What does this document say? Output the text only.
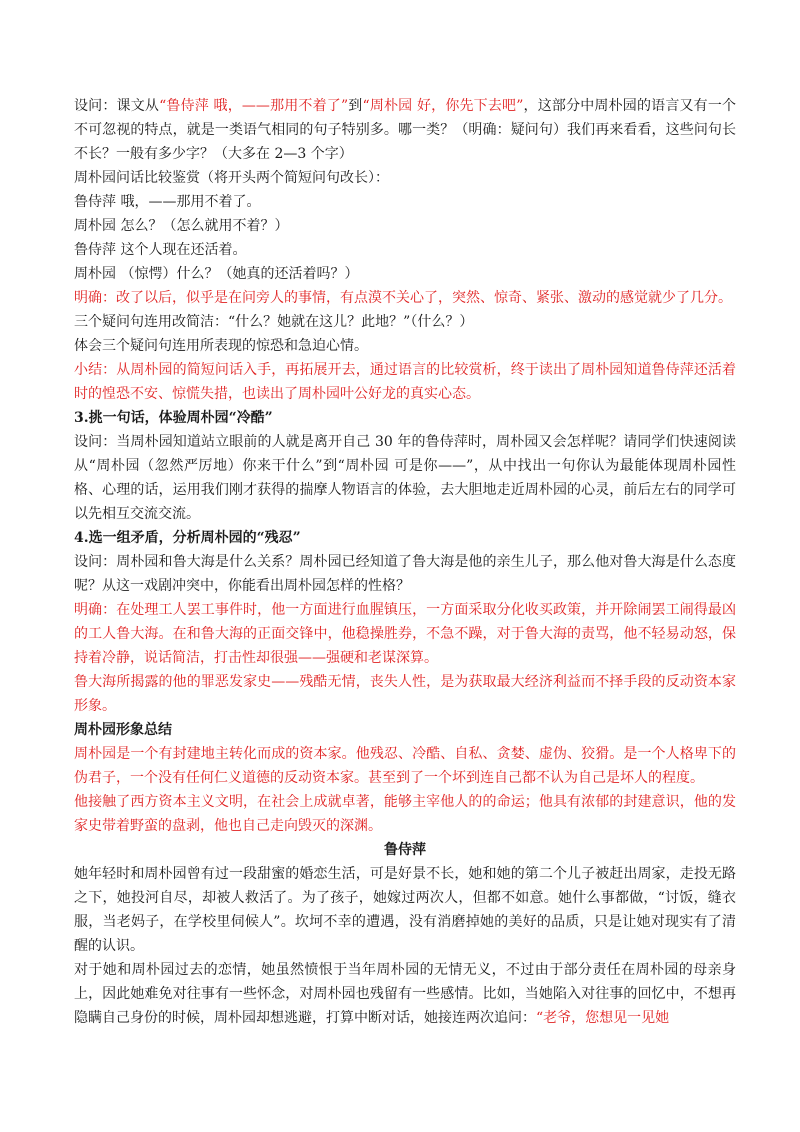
设问：课文从“鲁侍萍 哦，——那用不着了”到“周朴园 好，你先下去吧”，这部分中周朴园的语言又有一个不可忽视的特点，就是一类语气相同的句子特别多。哪一类？（明确：疑问句）我们再来看看，这些问句长不长？一般有多少字？（大多在 2—3 个字）

周朴园问话比较鉴赏（将开头两个简短问句改长）：

鲁侍萍 哦，——那用不着了。

周朴园 怎么？（怎么就用不着？）

鲁侍萍 这个人现在还活着。

周朴园 （惊愕）什么？（她真的还活着吗？）

明确：改了以后，似乎是在问旁人的事情，有点漠不关心了，突然、惊奇、紧张、激动的感觉就少了几分。

三个疑问句连用改简洁：“什么？她就在这儿？此地？”（什么？）

体会三个疑问句连用所表现的惊恐和急迫心情。

小结：从周朴园的简短问话入手，再拓展开去，通过语言的比较赏析，终于读出了周朴园知道鲁侍萍还活着时的惶恐不安、惊慌失措，也读出了周朴园叶公好龙的真实心态。

3.挑一句话，体验周朴园“冷酷”

设问：当周朴园知道站立眼前的人就是离开自己 30 年的鲁侍萍时，周朴园又会怎样呢？请同学们快速阅读从“周朴园（忽然严厉地）你来干什么”到“周朴园 可是你——”，从中找出一句你认为最能体现周朴园性格、心理的话，运用我们刚才获得的揣摩人物语言的体验，去大胆地走近周朴园的心灵，前后左右的同学可以先相互交流交流。

4.选一组矛盾，分析周朴园的“残忍”

设问：周朴园和鲁大海是什么关系？周朴园已经知道了鲁大海是他的亲生儿子，那么他对鲁大海是什么态度呢？从这一戏剧冲突中，你能看出周朴园怎样的性格？

明确：在处理工人罢工事件时，他一方面进行血腥镇压，一方面采取分化收买政策，并开除闹罢工闹得最凶的工人鲁大海。在和鲁大海的正面交锋中，他稳操胜券，不急不躁，对于鲁大海的责骂，他不轻易动怒，保持着冷静，说话简洁，打击性却很强——强硬和老谋深算。

鲁大海所揭露的他的罪恶发家史——残酷无情，丧失人性，是为获取最大经济利益而不择手段的反动资本家形象。

周朴园形象总结

周朴园是一个有封建地主转化而成的资本家。他残忍、冷酷、自私、贪婪、虚伪、狡猾。是一个人格卑下的伪君子，一个没有任何仁义道德的反动资本家。甚至到了一个坏到连自己都不认为自己是坏人的程度。

他接触了西方资本主义文明，在社会上成就卓著，能够主宰他人的的命运；他具有浓郁的封建意识，他的发家史带着野蛮的盘剥，他也自己走向毁灭的深渊。

鲁侍萍

她年轻时和周朴园曾有过一段甜蜜的婚恋生活，可是好景不长，她和她的第二个儿子被赶出周家，走投无路之下，她投河自尽，却被人救活了。为了孩子，她嫁过两次人，但都不如意。她什么事都做，“讨饭，缝衣服，当老妈子，在学校里伺候人”。坎坷不幸的遭遇，没有消磨掉她的美好的品质，只是让她对现实有了清醒的认识。

对于她和周朴园过去的恋情，她虽然愤恨于当年周朴园的无情无义，不过由于部分责任在周朴园的母亲身上，因此她难免对往事有一些怀念，对周朴园也残留有一些感情。比如，当她陷入对往事的回忆中，不想再隐瞒自己身份的时候，周朴园却想逃避，打算中断对话，她接连两次追问：“老爷，您想见一见她
